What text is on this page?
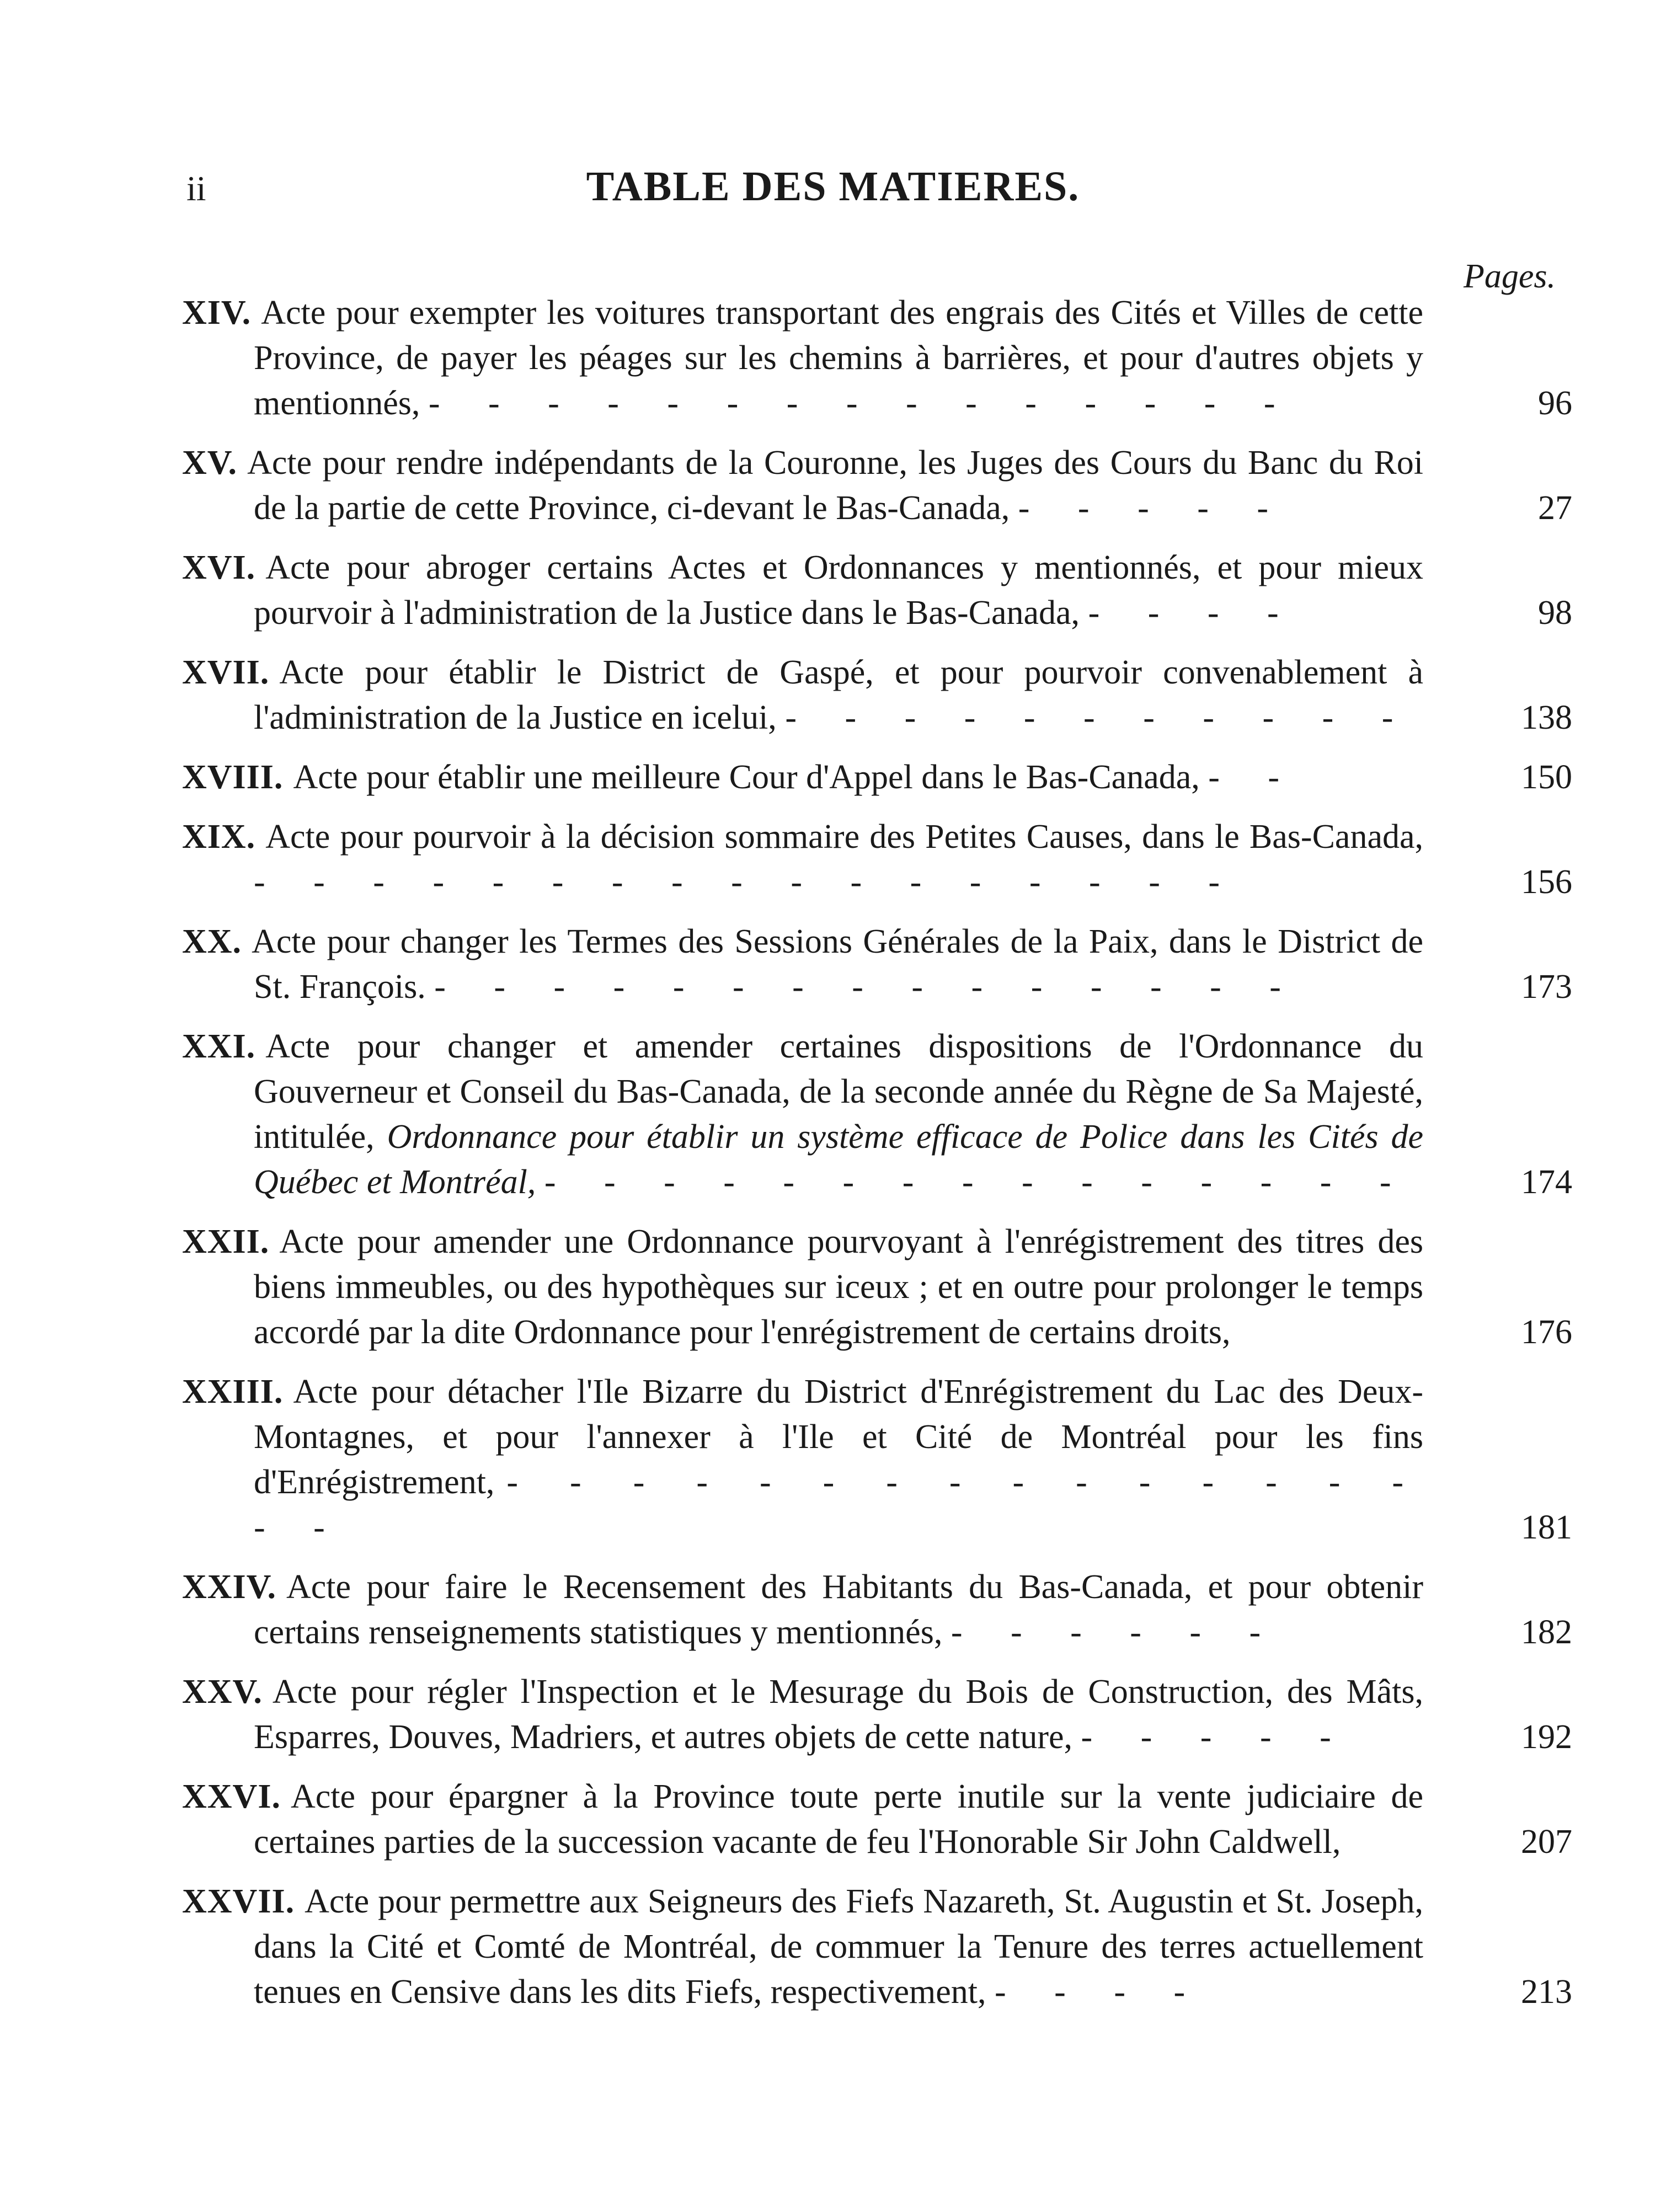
ii	TABLE DES MATIERES.
Pages.
XIV. Acte pour exempter les voitures transportant des engrais des Cités et Villes de cette Province, de payer les péages sur les chemins à barrières, et pour d'autres objets y mentionnés, - - - - - - - - - - - - - - -	96
XV. Acte pour rendre indépendants de la Couronne, les Juges des Cours du Banc du Roi de la partie de cette Province, ci-devant le Bas-Canada, - - - - -	27
XVI. Acte pour abroger certains Actes et Ordonnances y mentionnés, et pour mieux pourvoir à l'administration de la Justice dans le Bas-Canada, - - - -	98
XVII. Acte pour établir le District de Gaspé, et pour pourvoir convenablement à l'administration de la Justice en icelui, - - - - - - - - - - -	138
XVIII. Acte pour établir une meilleure Cour d'Appel dans le Bas-Canada, - -	150
XIX. Acte pour pourvoir à la décision sommaire des Petites Causes, dans le Bas-Canada, - - - - - - - - - - - - - - - - -	156
XX. Acte pour changer les Termes des Sessions Générales de la Paix, dans le District de St. François. - - - - - - - - - - - - - - -	173
XXI. Acte pour changer et amender certaines dispositions de l'Ordonnance du Gouverneur et Conseil du Bas-Canada, de la seconde année du Règne de Sa Majesté, intitulée, Ordonnance pour établir un système efficace de Police dans les Cités de Québec et Montréal, - - - - - - - - - - - - - - -	174
XXII. Acte pour amender une Ordonnance pourvoyant à l'enrégistrement des titres des biens immeubles, ou des hypothèques sur iceux ; et en outre pour prolonger le temps accordé par la dite Ordonnance pour l'enrégistrement de certains droits,	176
XXIII. Acte pour détacher l'Ile Bizarre du District d'Enrégistrement du Lac des Deux-Montagnes, et pour l'annexer à l'Ile et Cité de Montréal pour les fins d'Enrégistrement, - - - - - - - - - - - - - - - - -	181
XXIV. Acte pour faire le Recensement des Habitants du Bas-Canada, et pour obtenir certains renseignements statistiques y mentionnés, - - - - - -	182
XXV. Acte pour régler l'Inspection et le Mesurage du Bois de Construction, des Mâts, Esparres, Douves, Madriers, et autres objets de cette nature, - - - - -	192
XXVI. Acte pour épargner à la Province toute perte inutile sur la vente judiciaire de certaines parties de la succession vacante de feu l'Honorable Sir John Caldwell,	207
XXVII. Acte pour permettre aux Seigneurs des Fiefs Nazareth, St. Augustin et St. Joseph, dans la Cité et Comté de Montréal, de commuer la Tenure des terres actuellement tenues en Censive dans les dits Fiefs, respectivement, - - - -	213
